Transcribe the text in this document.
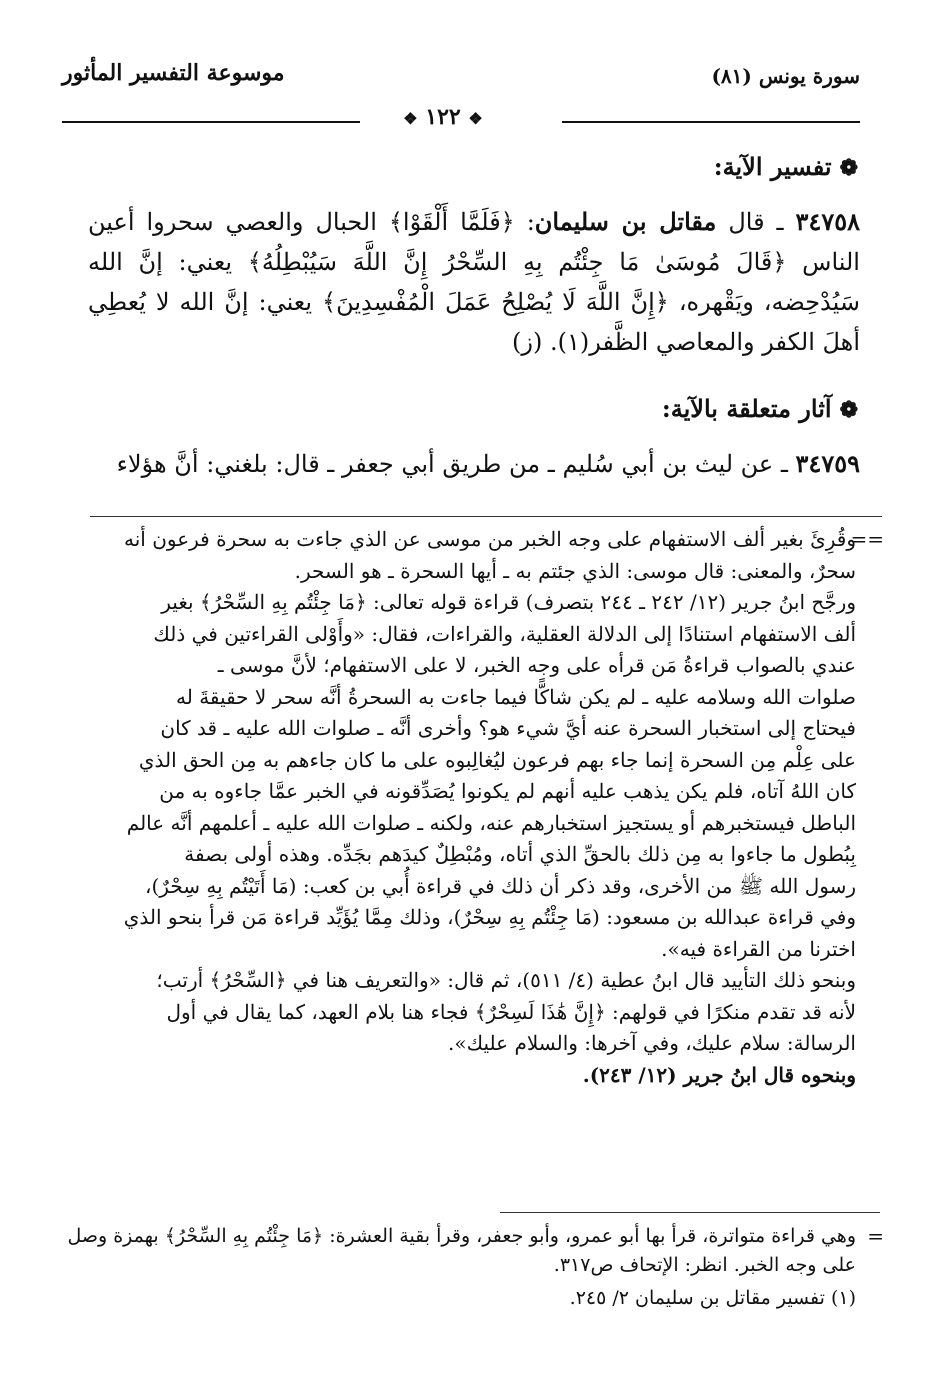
سورة يونس (٨١)
موسوعة التفسير المأثور
❖ ١٢٢ ❖
❁تفسير الآية:
٣٤٧٥٨ ـ قال مقاتل بن سليمان: ﴿فَلَمَّا أَلْقَوْا﴾ الحبال والعصي سحروا أعين الناس ﴿قَالَ مُوسَىٰ مَا جِئْتُم بِهِ السِّحْرُ إِنَّ اللَّهَ سَيُبْطِلُهُ﴾ يعني: إنَّ الله سَيُدْحِضه، ويَقْهره، ﴿إِنَّ اللَّهَ لَا يُصْلِحُ عَمَلَ الْمُفْسِدِينَ﴾ يعني: إنَّ الله لا يُعطِي أهلَ الكفر والمعاصي الظَّفر(١). (ز)
❁آثار متعلقة بالآية:
٣٤٧٥٩ ـ عن ليث بن أبي سُليم ـ من طريق أبي جعفر ـ قال: بلغني: أنَّ هؤلاء
==

وقُرِئَ بغير ألف الاستفهام على وجه الخبر من موسى عن الذي جاءت به سحرة فرعون أنه

سحرٌ، والمعنى: قال موسى: الذي جئتم به ـ أيها السحرة ـ هو السحر.

ورجَّح ابنُ جرير (١٢/ ٢٤٢ ـ ٢٤٤ بتصرف) قراءة قوله تعالى: ﴿مَا جِئْتُم بِهِ السِّحْرُ﴾ بغير

ألف الاستفهام استنادًا إلى الدلالة العقلية، والقراءات، فقال: «وأَوْلى القراءتين في ذلك

عندي بالصواب قراءةُ مَن قرأه على وجه الخبر، لا على الاستفهام؛ لأنَّ موسى ـ

صلوات الله وسلامه عليه ـ لم يكن شاكًّا فيما جاءت به السحرةُ أنَّه سحر لا حقيقةَ له

فيحتاج إلى استخبار السحرة عنه أيَّ شيء هو؟ وأخرى أنَّه ـ صلوات الله عليه ـ قد كان

على عِلْم مِن السحرة إنما جاء بهم فرعون ليُغالِبوه على ما كان جاءهم به مِن الحق الذي

كان اللهُ آتاه، فلم يكن يذهب عليه أنهم لم يكونوا يُصَدِّقونه في الخبر عمَّا جاءوه به من

الباطل فيستخبرهم أو يستجيز استخبارهم عنه، ولكنه ـ صلوات الله عليه ـ أعلمهم أنَّه عالم

بِبُطول ما جاءوا به مِن ذلك بالحقِّ الذي أتاه، ومُبْطِلٌ كيدَهم بجَدِّه. وهذه أولى بصفة

رسول الله ﷺ من الأخرى، وقد ذكر أن ذلك في قراءة أُبي بن كعب: (مَا أَتَيْتُم بِهِ سِحْرٌ)،

وفي قراءة عبدالله بن مسعود: (مَا جِئْتُم بِهِ سِحْرٌ)، وذلك مِمَّا يُؤَيِّد قراءة مَن قرأ بنحو الذي

اخترنا من القراءة فيه».

وبنحو ذلك التأييد قال ابنُ عطية (٤/ ٥١١)، ثم قال: «والتعريف هنا في ﴿السِّحْرُ﴾ أرتب؛

لأنه قد تقدم منكرًا في قولهم: ﴿إِنَّ هَٰذَا لَسِحْرٌ﴾ فجاء هنا بلام العهد، كما يقال في أول

الرسالة: سلام عليك، وفي آخرها: والسلام عليك».

وبنحوه قال ابنُ جرير (١٢/ ٢٤٣).

=

وهي قراءة متواترة، قرأ بها أبو عمرو، وأبو جعفر، وقرأ بقية العشرة: ﴿مَا جِئْتُم بِهِ السِّحْرُ﴾ بهمزة وصل

على وجه الخبر. انظر: الإتحاف ص٣١٧.

(١) تفسير مقاتل بن سليمان ٢/ ٢٤٥.
